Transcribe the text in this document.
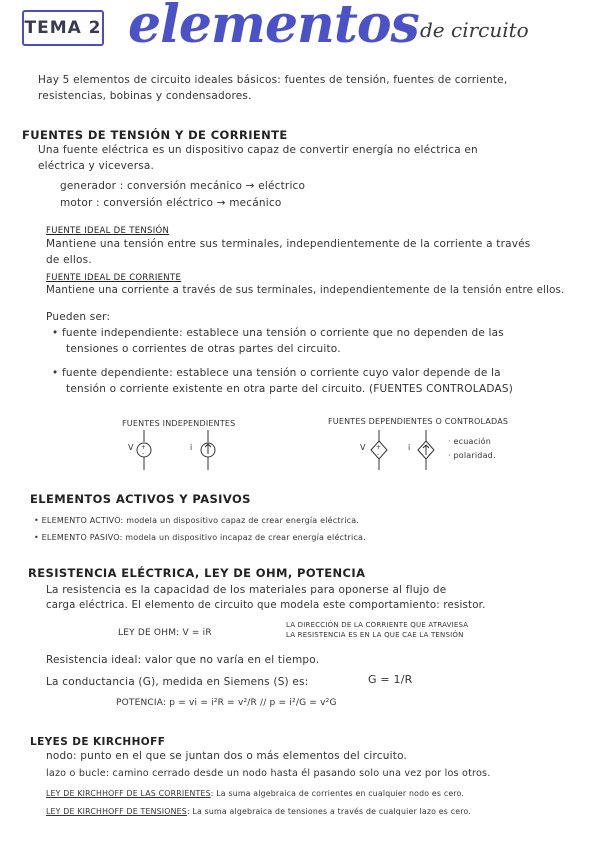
TEMA 2 elementos de circuito
Hay 5 elementos de circuito ideales básicos: fuentes de tensión, fuentes de corriente,
resistencias, bobinas y condensadores.
FUENTES DE TENSIÓN Y DE CORRIENTE
Una fuente eléctrica es un dispositivo capaz de convertir energía no eléctrica en
eléctrica y viceversa.
generador : conversión mecánico → eléctrico
motor : conversión eléctrico → mecánico
FUENTE IDEAL DE TENSIÓN
Mantiene una tensión entre sus terminales, independientemente de la corriente a través
de ellos.
FUENTE IDEAL DE CORRIENTE
Mantiene una corriente a través de sus terminales, independientemente de la tensión entre ellos.
Pueden ser:
• fuente independiente: establece una tensión o corriente que no dependen de las
tensiones o corrientes de otras partes del circuito.
• fuente dependiente: establece una tensión o corriente cuyo valor depende de la
tensión o corriente existente en otra parte del circuito. (FUENTES CONTROLADAS)
FUENTES INDEPENDIENTES	FUENTES DEPENDIENTES O CONTROLADAS
V +
-
i	V +
-
i
· ecuación
· polaridad.
ELEMENTOS ACTIVOS Y PASIVOS
• ELEMENTO ACTIVO: modela un dispositivo capaz de crear energía eléctrica.
• ELEMENTO PASIVO: modela un dispositivo incapaz de crear energía eléctrica.
RESISTENCIA ELÉCTRICA, LEY DE OHM, POTENCIA
La resistencia es la capacidad de los materiales para oponerse al flujo de
carga eléctrica. El elemento de circuito que modela este comportamiento: resistor.
LEY DE OHM: V = iR
LA DIRECCIÓN DE LA CORRIENTE QUE ATRAVIESA
LA RESISTENCIA ES EN LA QUE CAE LA TENSIÓN
Resistencia ideal: valor que no varía en el tiempo.
La conductancia (G), medida en Siemens (S) es:	G = 1/R
POTENCIA: p = vi = i²R = v²/R // p = i²/G = v²G
LEYES DE KIRCHHOFF
nodo: punto en el que se juntan dos o más elementos del circuito.
lazo o bucle: camino cerrado desde un nodo hasta él pasando solo una vez por los otros.
LEY DE KIRCHHOFF DE LAS CORRIENTES: La suma algebraica de corrientes en cualquier nodo es cero.
LEY DE KIRCHHOFF DE TENSIONES: La suma algebraica de tensiones a través de cualquier lazo es cero.
